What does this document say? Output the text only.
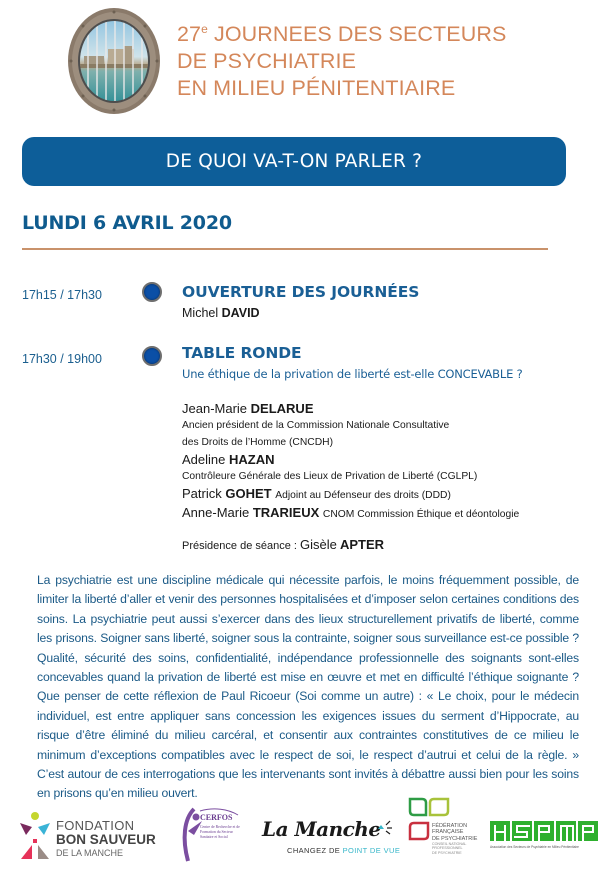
27e JOURNEES DES SECTEURS
DE PSYCHIATRIE
EN MILIEU PÉNITENTIAIRE
DE QUOI VA-T-ON PARLER ?
LUNDI 6 AVRIL 2020
17h15 / 17h30	OUVERTURE DES JOURNÉES
Michel DAVID
17h30 / 19h00	TABLE RONDE
Une éthique de la privation de liberté est-elle CONCEVABLE ?
Jean-Marie DELARUE
Ancien président de la Commission Nationale Consultative
des Droits de l’Homme (CNCDH)
Adeline HAZAN
Contrôleure Générale des Lieux de Privation de Liberté (CGLPL)
Patrick GOHET Adjoint au Défenseur des droits (DDD)
Anne-Marie TRARIEUX CNOM Commission Éthique et déontologie
Présidence de séance : Gisèle APTER
La psychiatrie est une discipline médicale qui nécessite parfois, le moins fréquemment possible, de limiter la liberté d’aller et venir des personnes hospitalisées et d’imposer selon certaines conditions des soins. La psychiatrie peut aussi s’exercer dans des lieux structurellement privatifs de liberté, comme les prisons. Soigner sans liberté, soigner sous la contrainte, soigner sous surveillance est-ce possible ? Qualité, sécurité des soins, confidentialité, indépendance professionnelle des soignants sont-elles concevables quand la privation de liberté est mise en œuvre et met en difficulté l’éthique soignante ? Que penser de cette réflexion de Paul Ricoeur (Soi comme un autre) : « Le choix, pour le médecin individuel, est entre appliquer sans concession les exigences issues du serment d’Hippocrate, au risque d’être éliminé du milieu carcéral, et consentir aux contraintes constitutives de ce milieu le minimum d’exceptions compatibles avec le respect de soi, le respect d’autrui et celui de la règle. » C’est autour de ces interrogations que les intervenants sont invités à débattre aussi bien pour les soins en prisons qu’en milieu ouvert.
FONDATION
BON SAUVEUR
DE LA MANCHE
CERFOS
Centre de Recherche et de Formation du Secteur Sanitaire et Social	La Manche
CHANGEZ DE POINT DE VUE
FÉDÉRATION
FRANÇAISE
DE PSYCHIATRIE
CONSEIL NATIONAL
PROFESSIONNEL
DE PSYCHIATRIE
Association des Secteurs de Psychiatrie en Milieu Pénitentiaire
